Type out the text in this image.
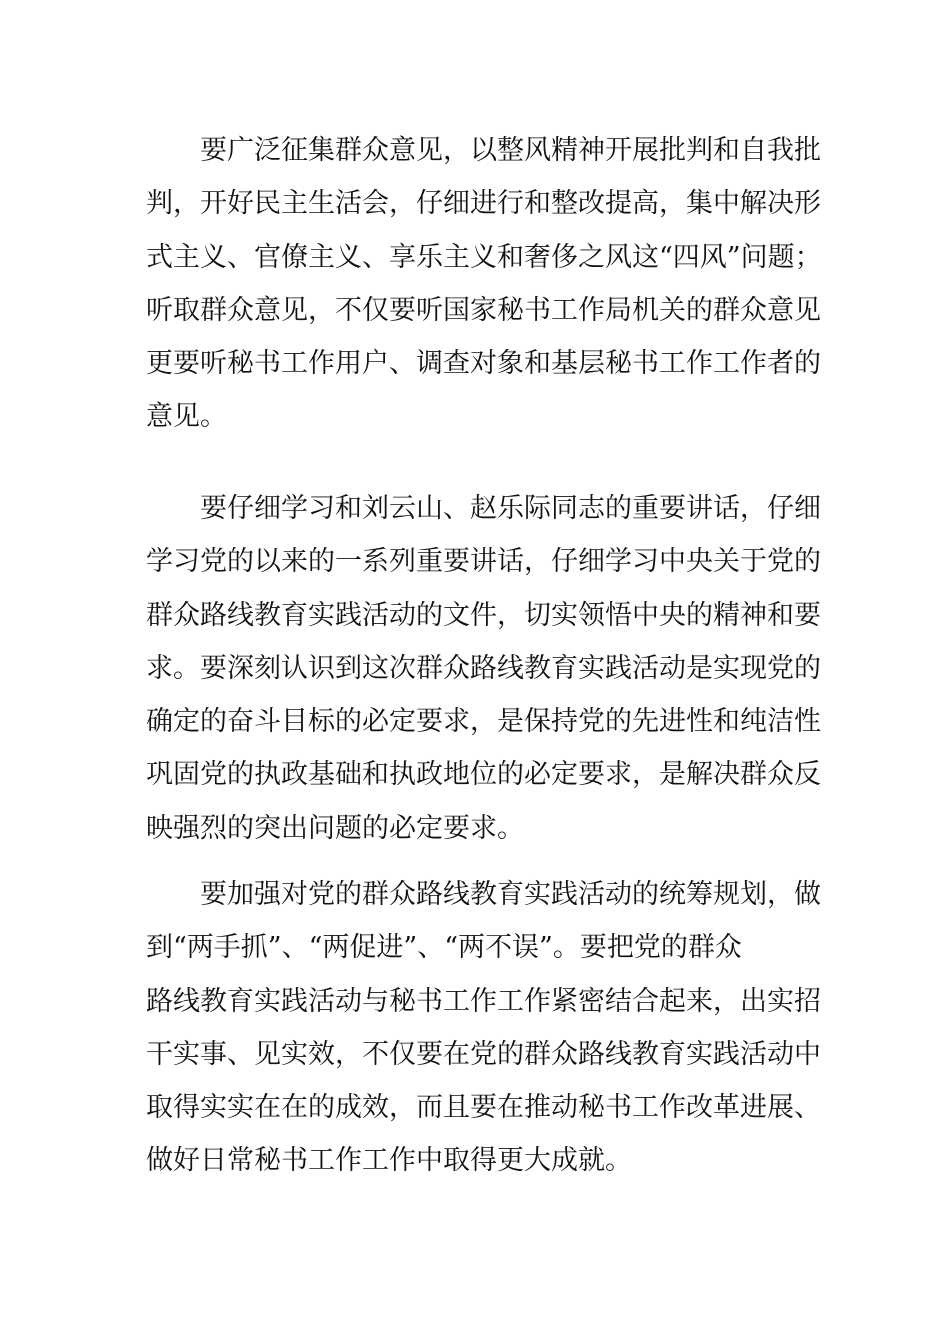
要广泛征集群众意见，以整风精神开展批判和自我批
判，开好民主生活会，仔细进行和整改提高，集中解决形
式主义、官僚主义、享乐主义和奢侈之风这“四风”问题；
听取群众意见，不仅要听国家秘书工作局机关的群众意见
更要听秘书工作用户、调查对象和基层秘书工作工作者的
意见。
要仔细学习和刘云山、赵乐际同志的重要讲话，仔细
学习党的以来的一系列重要讲话，仔细学习中央关于党的
群众路线教育实践活动的文件，切实领悟中央的精神和要
求。要深刻认识到这次群众路线教育实践活动是实现党的
确定的奋斗目标的必定要求，是保持党的先进性和纯洁性
巩固党的执政基础和执政地位的必定要求，是解决群众反
映强烈的突出问题的必定要求。
要加强对党的群众路线教育实践活动的统筹规划，做
到“两手抓”、“两促进”、“两不误”。要把党的群众
路线教育实践活动与秘书工作工作紧密结合起来，出实招
干实事、见实效，不仅要在党的群众路线教育实践活动中
取得实实在在的成效，而且要在推动秘书工作改革进展、
做好日常秘书工作工作中取得更大成就。
